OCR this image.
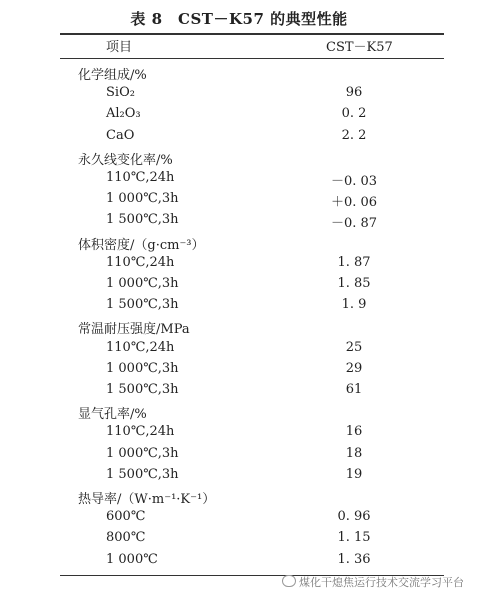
表 8　CST－K57 的典型性能
项目	CST－K57
化学组成/%
SiO₂	96
Al₂O₃	0. 2
CaO	2. 2
永久线变化率/%
110℃,24h	－0. 03
1 000℃,3h	＋0. 06
1 500℃,3h	－0. 87
体积密度/（g·cm⁻³）
110℃,24h	1. 87
1 000℃,3h	1. 85
1 500℃,3h	1. 9
常温耐压强度/MPa
110℃,24h	25
1 000℃,3h	29
1 500℃,3h	61
显气孔率/%
110℃,24h	16
1 000℃,3h	18
1 500℃,3h	19
热导率/（W·m⁻¹·K⁻¹）
600℃	0. 96
800℃	1. 15
1 000℃	1. 36
煤化干熄焦运行技术交流学习平台
